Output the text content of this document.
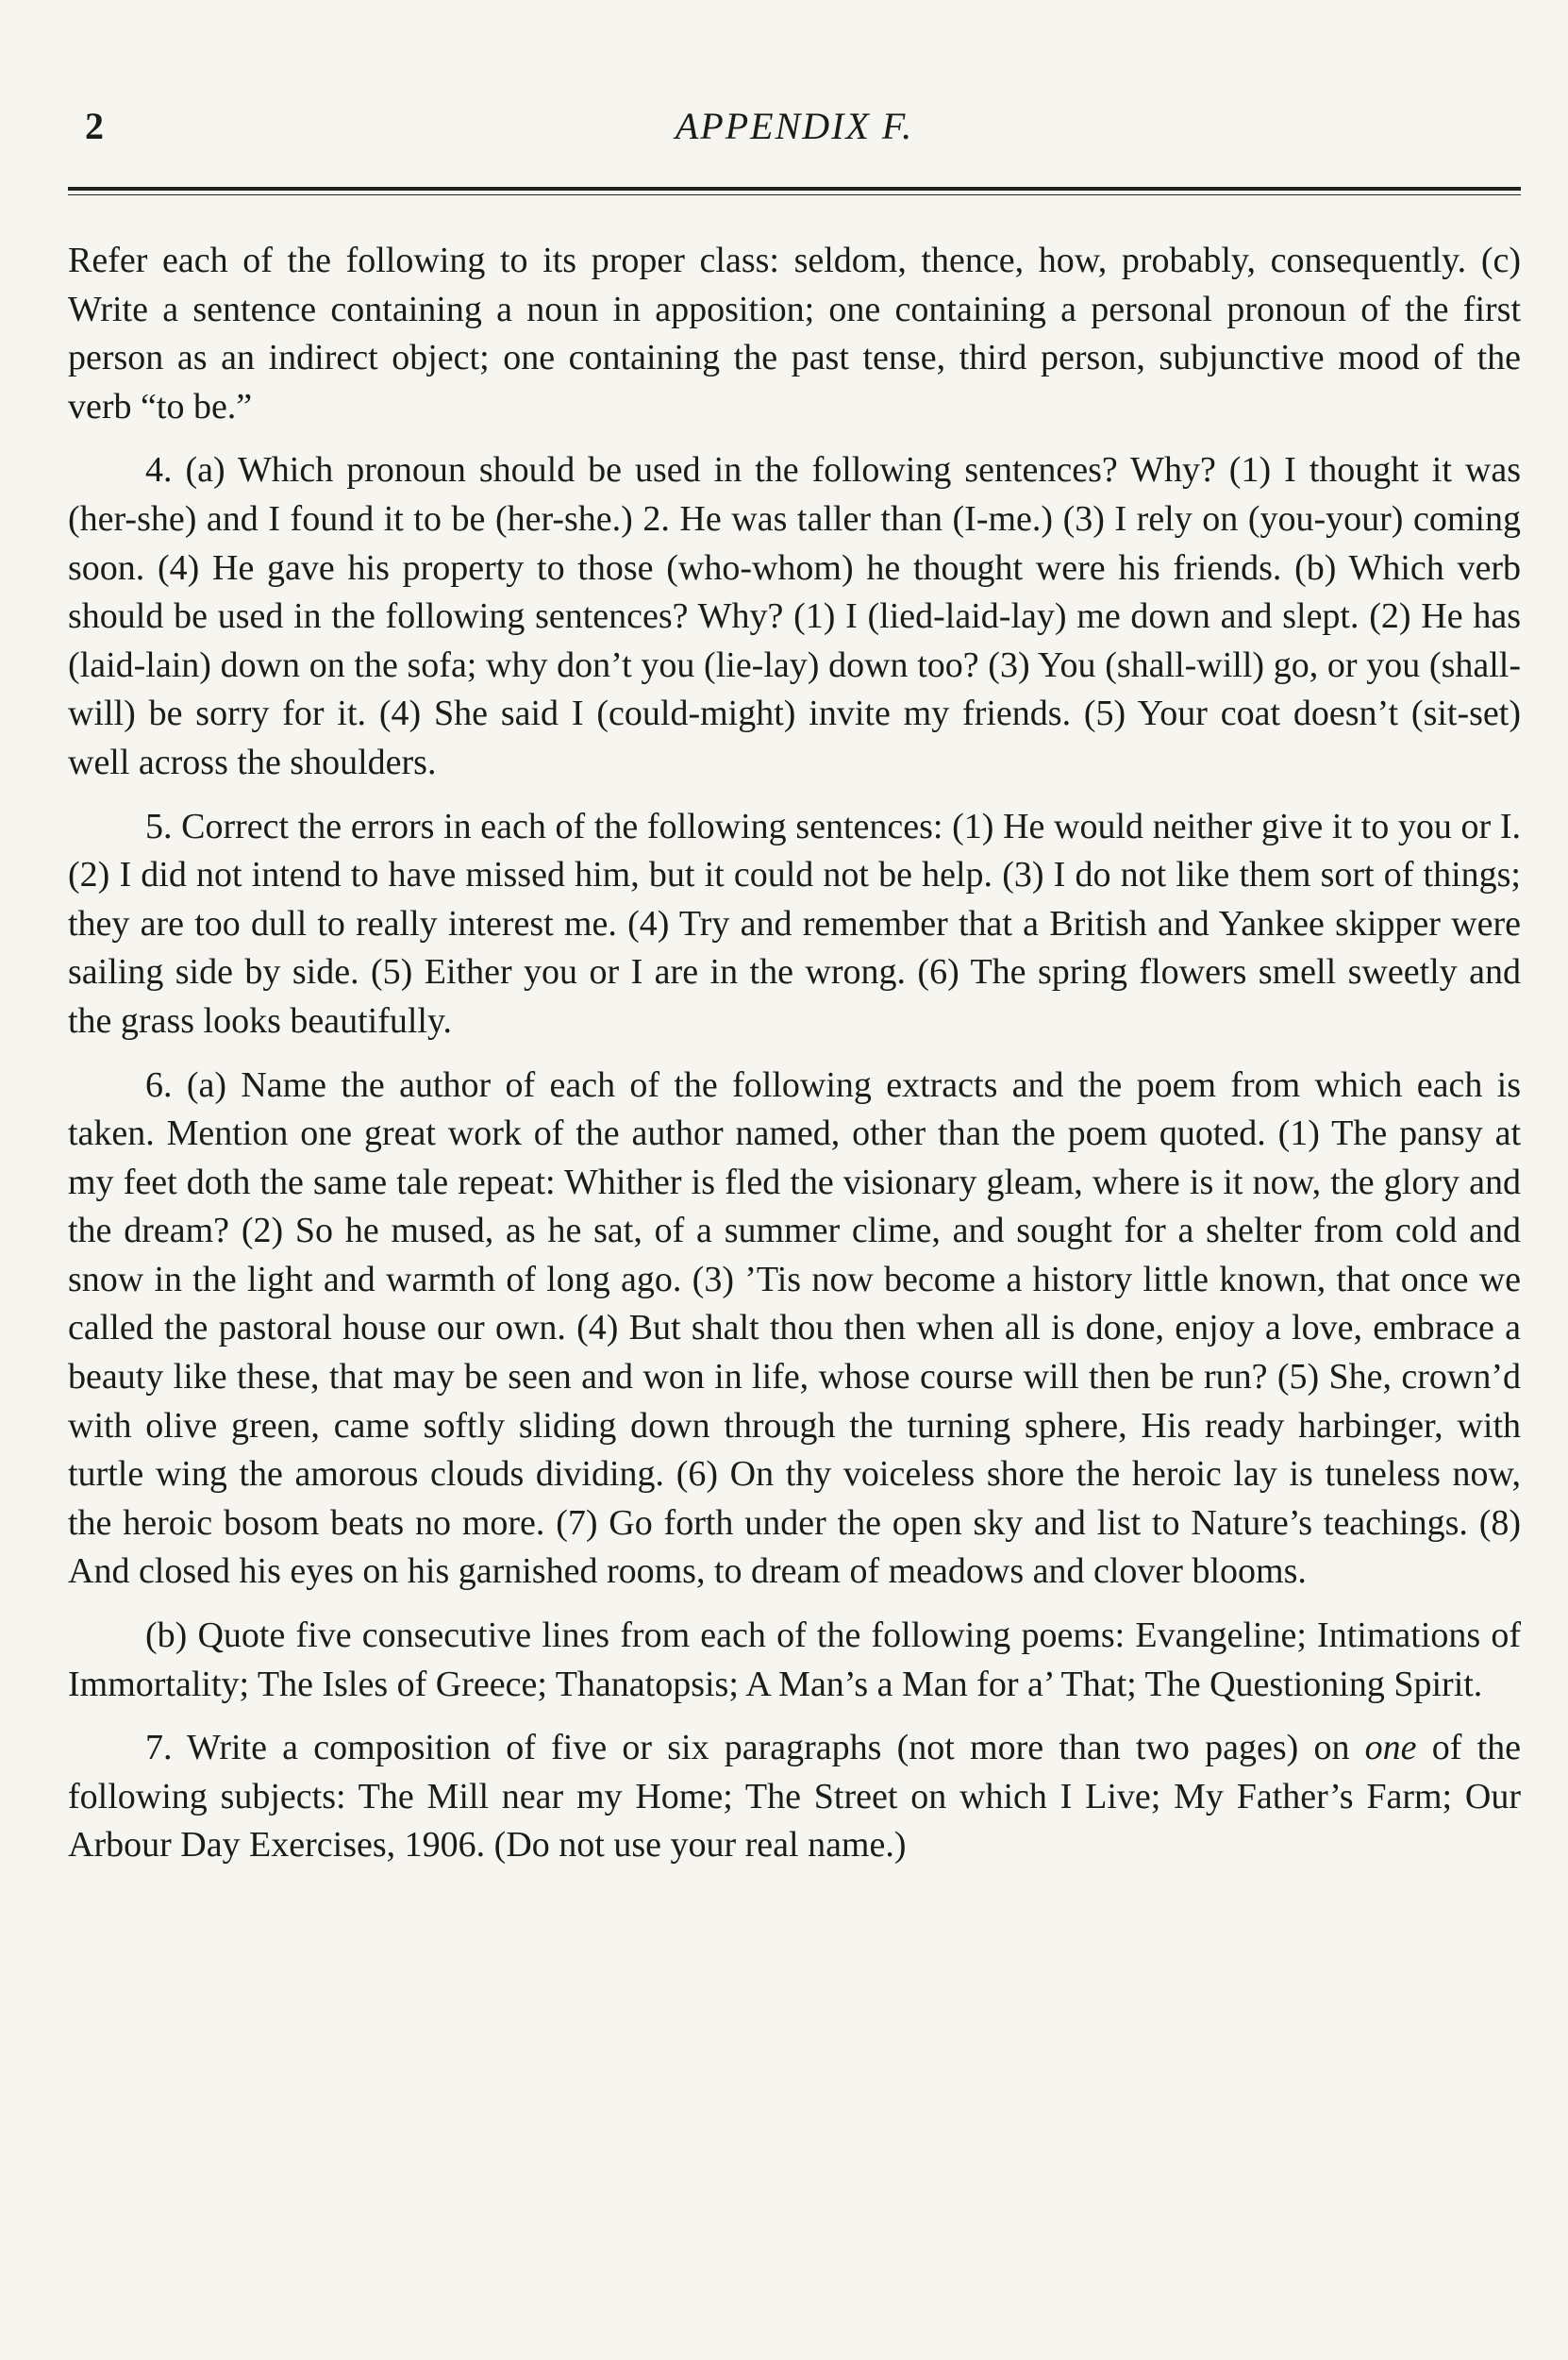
2	APPENDIX F.

Refer each of the following to its proper class: seldom, thence, how, probably, consequently. (c) Write a sentence containing a noun in apposition; one containing a personal pronoun of the first person as an indirect object; one containing the past tense, third person, subjunctive mood of the verb “to be.”

4. (a) Which pronoun should be used in the following sentences? Why? (1) I thought it was (her-she) and I found it to be (her-she.) 2. He was taller than (I-me.) (3) I rely on (you-your) coming soon. (4) He gave his property to those (who-whom) he thought were his friends. (b) Which verb should be used in the following sentences? Why? (1) I (lied-laid-lay) me down and slept. (2) He has (laid-lain) down on the sofa; why don’t you (lie-lay) down too? (3) You (shall-will) go, or you (shall-will) be sorry for it. (4) She said I (could-might) invite my friends. (5) Your coat doesn’t (sit-set) well across the shoulders.

5. Correct the errors in each of the following sentences: (1) He would neither give it to you or I. (2) I did not intend to have missed him, but it could not be help. (3) I do not like them sort of things; they are too dull to really interest me. (4) Try and remember that a British and Yankee skipper were sailing side by side. (5) Either you or I are in the wrong. (6) The spring flowers smell sweetly and the grass looks beautifully.

6. (a) Name the author of each of the following extracts and the poem from which each is taken. Mention one great work of the author named, other than the poem quoted. (1) The pansy at my feet doth the same tale repeat: Whither is fled the visionary gleam, where is it now, the glory and the dream? (2) So he mused, as he sat, of a summer clime, and sought for a shelter from cold and snow in the light and warmth of long ago. (3) ’Tis now become a history little known, that once we called the pastoral house our own. (4) But shalt thou then when all is done, enjoy a love, embrace a beauty like these, that may be seen and won in life, whose course will then be run? (5) She, crown’d with olive green, came softly sliding down through the turning sphere, His ready harbinger, with turtle wing the amorous clouds dividing. (6) On thy voiceless shore the heroic lay is tuneless now, the heroic bosom beats no more. (7) Go forth under the open sky and list to Nature’s teachings. (8) And closed his eyes on his garnished rooms, to dream of meadows and clover blooms.

(b) Quote five consecutive lines from each of the following poems: Evangeline; Intimations of Immortality; The Isles of Greece; Thanatopsis; A Man’s a Man for a’ That; The Questioning Spirit.

7. Write a composition of five or six paragraphs (not more than two pages) on one of the following subjects: The Mill near my Home; The Street on which I Live; My Father’s Farm; Our Arbour Day Exercises, 1906. (Do not use your real name.)
